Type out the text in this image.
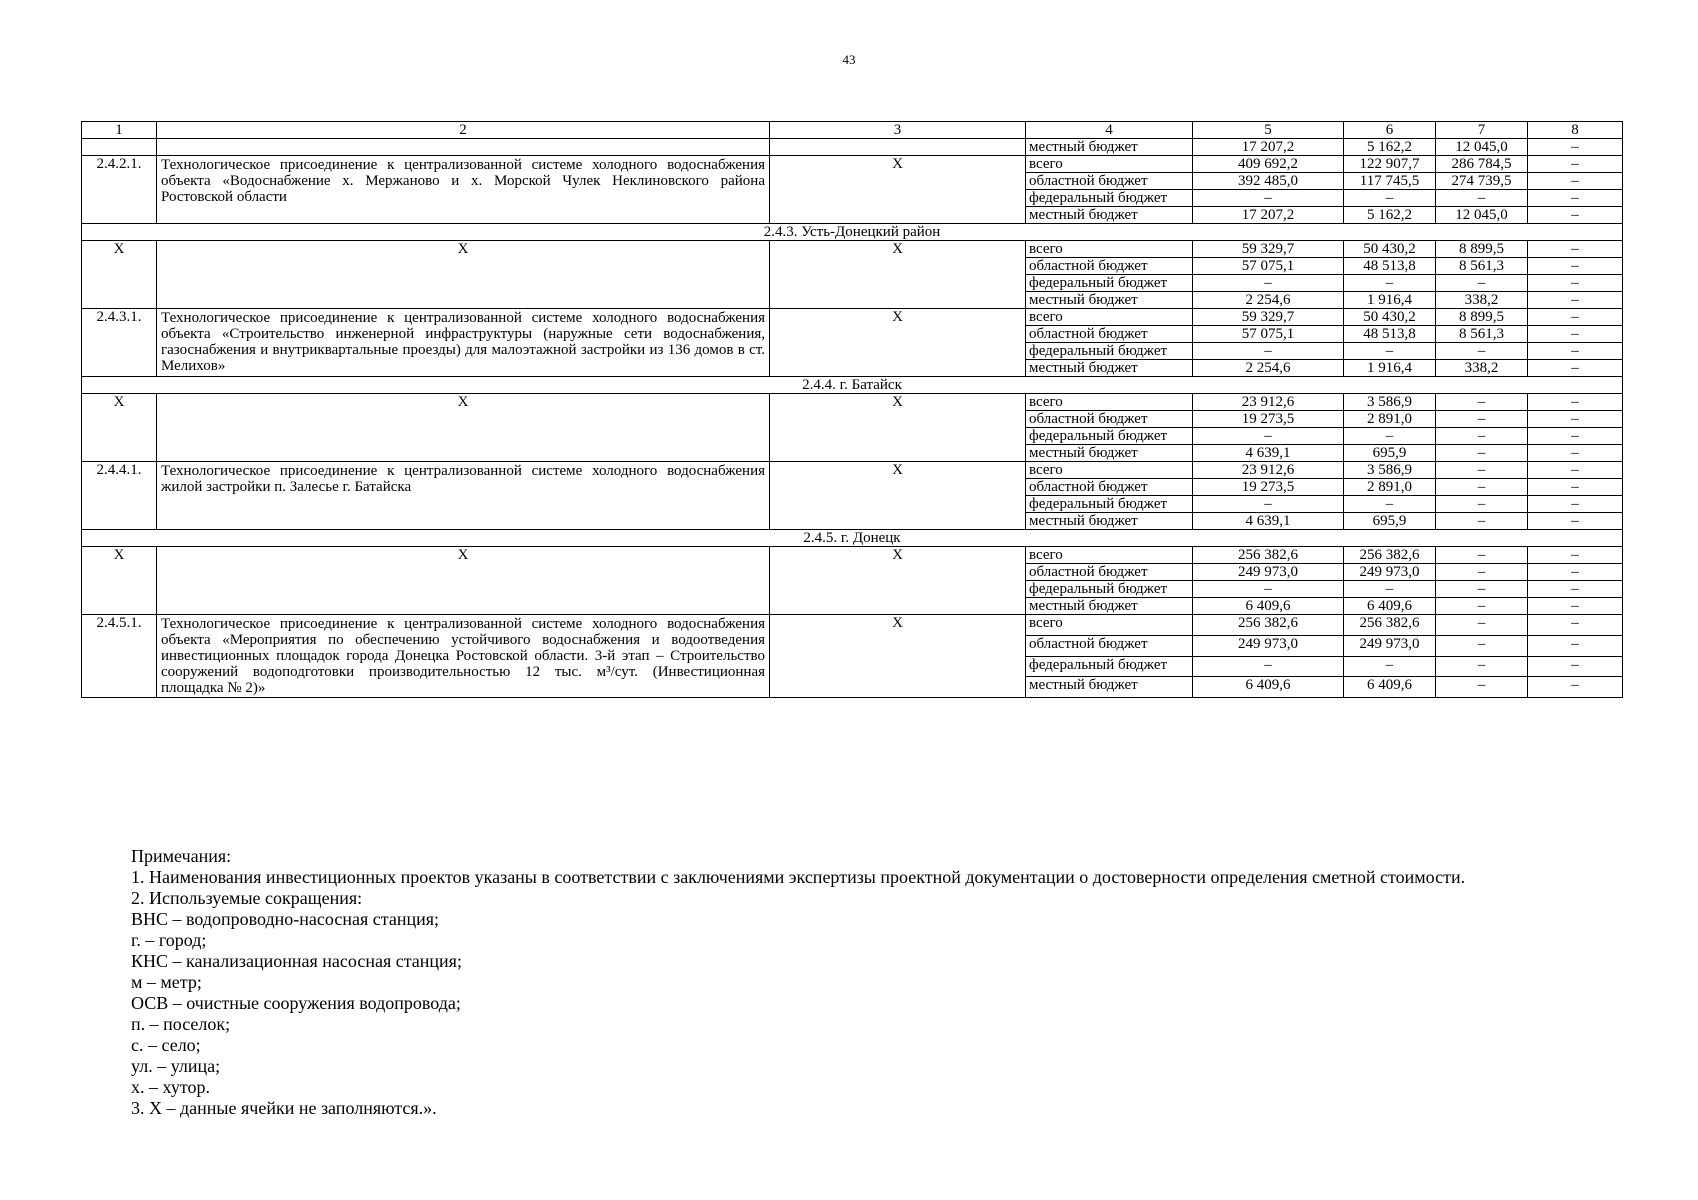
43
1	2	3	4	5	6	7	8
			местный бюджет	17 207,2	5 162,2	12 045,0	–
2.4.2.1.	Технологическое присоединение к централизованной системе холодного водоснабжения объекта «Водоснабжение х. Мержаново и х. Морской Чулек Неклиновского района Ростовской области	Х	всего	409 692,2	122 907,7	286 784,5	–
			областной бюджет	392 485,0	117 745,5	274 739,5	–
			федеральный бюджет	–	–	–	–
			местный бюджет	17 207,2	5 162,2	12 045,0	–
2.4.3. Усть-Донецкий район							
Х	Х	Х	всего	59 329,7	50 430,2	8 899,5	–
			областной бюджет	57 075,1	48 513,8	8 561,3	–
			федеральный бюджет	–	–	–	–
			местный бюджет	2 254,6	1 916,4	338,2	–
2.4.3.1.	Технологическое присоединение к централизованной системе холодного водоснабжения объекта «Строительство инженерной инфраструктуры (наружные сети водоснабжения, газоснабжения и внутриквартальные проезды) для малоэтажной застройки из 136 домов в ст. Мелихов»	Х	всего	59 329,7	50 430,2	8 899,5	–
			областной бюджет	57 075,1	48 513,8	8 561,3	–
			федеральный бюджет	–	–	–	–
			местный бюджет	2 254,6	1 916,4	338,2	–
2.4.4. г. Батайск							
Х	Х	Х	всего	23 912,6	3 586,9	–	–
			областной бюджет	19 273,5	2 891,0	–	–
			федеральный бюджет	–	–	–	–
			местный бюджет	4 639,1	695,9	–	–
2.4.4.1.	Технологическое присоединение к централизованной системе холодного водоснабжения жилой застройки п. Залесье г. Батайска	Х	всего	23 912,6	3 586,9	–	–
			областной бюджет	19 273,5	2 891,0	–	–
			федеральный бюджет	–	–	–	–
			местный бюджет	4 639,1	695,9	–	–
2.4.5. г. Донецк							
Х	Х	Х	всего	256 382,6	256 382,6	–	–
			областной бюджет	249 973,0	249 973,0	–	–
			федеральный бюджет	–	–	–	–
			местный бюджет	6 409,6	6 409,6	–	–
2.4.5.1.	Технологическое присоединение к централизованной системе холодного водоснабжения объекта «Мероприятия по обеспечению устойчивого водоснабжения и водоотведения инвестиционных площадок города Донецка Ростовской области. 3-й этап – Строительство сооружений водоподготовки производительностью 12 тыс. м³/сут. (Инвестиционная площадка № 2)»	Х	всего	256 382,6	256 382,6	–	–
			областной бюджет	249 973,0	249 973,0	–	–
			федеральный бюджет	–	–	–	–
			местный бюджет	6 409,6	6 409,6	–	–
Примечания:
1. Наименования инвестиционных проектов указаны в соответствии с заключениями экспертизы проектной документации о достоверности определения сметной стоимости.
2. Используемые сокращения:
ВНС – водопроводно-насосная станция;
г. – город;
КНС – канализационная насосная станция;
м – метр;
ОСВ – очистные сооружения водопровода;
п. – поселок;
с. – село;
ул. – улица;
х. – хутор.
3. Х – данные ячейки не заполняются.».
